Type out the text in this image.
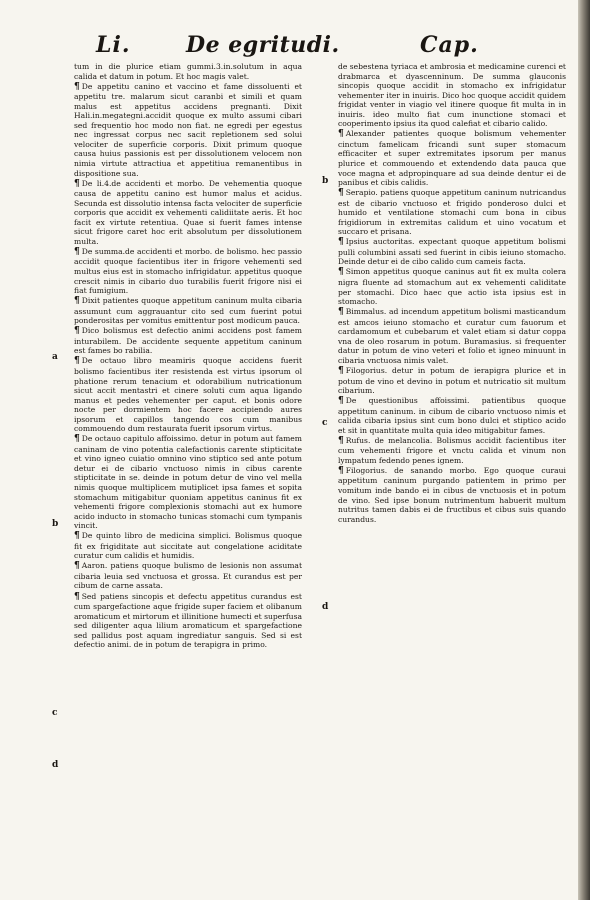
Li.	De egritudi.	Cap.
a
b
c
d
b
c
d

tum in die plurice etiam gummi.3.in.solutum in aqua calida et datum in potum. Et hoc magis valet.

¶ De appetitu canino et vaccino et fame dissoluenti et appetitu tre. malarum sicut caranbi et simili et quam malus est appetitus accidens pregnanti. Dixit Hali.in.megategni.accidit quoque ex multo assumi cibari sed frequentio hoc modo non fiat. ne egredi per egestus nec ingressat corpus nec sacit repletionem sed solui velociter de superficie corporis. Dixit primum quoque causa huius passionis est per dissolutionem velocem non nimia virtute attractiua et appetitiua remanentibus in dispositione sua.

¶ De li.4.de accidenti et morbo. De vehementia quoque causa de appetitu canino est humor malus et acidus. Secunda est dissolutio intensa facta velociter de superficie corporis que accidit ex vehementi calidiitate aeris. Et hoc facit ex virtute retentiua. Quae si fuerit fames intense sicut frigore caret hoc erit absolutum per dissolutionem multa.

¶ De summa.de accidenti et morbo. de bolismo. hec passio accidit quoque facientibus iter in frigore vehementi sed multus eius est in stomacho infrigidatur. appetitus quoque crescit nimis in cibario duo turabilis fuerit frigore nisi ei fiat fumigium.

¶ Dixit patientes quoque appetitum caninum multa cibaria assumunt cum aggrauantur cito sed cum fuerint potui ponderositas per vomitus emittentur post modicum pauca.

¶ Dico bolismus est defectio animi accidens post famem inturabilem. De accidente sequente appetitum caninum est fames bo rabilia.

¶ De octauo libro meamiris quoque accidens fuerit bolismo facientibus iter resistenda est virtus ipsorum ol phatione rerum tenacium et odorabilium nutricationum sicut accit mentastri et cinere soluti cum aqua ligando manus et pedes vehementer per caput. et bonis odore nocte per dormientem hoc facere accipiendo aures ipsorum et capillos tangendo cos cum manibus commouendo dum restaurata fuerit ipsorum virtus.

¶ De octauo capitulo affoissimo. detur in potum aut famem caninam de vino potentia calefactionis carente stipticitate et vino igneo cuiatio omnino vino stiptico sed ante potum detur ei de cibario vnctuoso nimis in cibus carente stipticitate in se. deinde in potum detur de vino vel mella nimis quoque multiplicem mutiplicet ipsa fames et sopita stomachum mitigabitur quoniam appetitus caninus fit ex vehementi frigore complexionis stomachi aut ex humore acido inducto in stomacho tunicas stomachi cum tympanis vincit.

¶ De quinto libro de medicina simplici. Bolismus quoque fit ex frigiditate aut siccitate aut congelatione aciditate curatur cum calidis et humidis.

¶ Aaron. patiens quoque bulismo de lesionis non assumat cibaria leuia sed vnctuosa et grossa. Et curandus est per cibum de carne assata.

¶ Sed patiens sincopis et defectu appetitus curandus est cum spargefactione aque frigide super faciem et olibanum aromaticum et mirtorum et illinitione humecti et superfusa sed diligenter aqua lilium aromaticum et spargefactione sed pallidus post aquam ingrediatur sanguis. Sed si est defectio animi. de in potum de terapigra in primo.

de sebestena tyriaca et ambrosia et medicamine curenci et drabmarca et dyascenninum. De summa glauconis sincopis quoque accidit in stomacho ex infrigidatur vehementer iter in inuiris. Dico hoc quoque accidit quidem frigidat venter in viagio vel itinere quoque fit multa in in inuiris. ideo multo fiat cum inunctione stomaci et cooperimento ipsius ita quod calefiat et cibario calido.

¶ Alexander patientes quoque bolismum vehementer cinctum famelicam fricandi sunt super stomacum efficaciter et super extremitates ipsorum per manus plurice et commouendo et extendendo data pauca que voce magna et adpropinquare ad sua deinde dentur ei de panibus et cibis calidis.

¶ Serapio. patiens quoque appetitum caninum nutricandus est de cibario vnctuoso et frigido ponderoso dulci et humido et ventilatione stomachi cum bona in cibus frigidiorum in extremitas calidum et uino vocatum et succaro et prisana.

¶ Ipsius auctoritas. expectant quoque appetitum bolismi pulli columbini assati sed fuerint in cibis ieiuno stomacho. Deinde detur ei de cibo calido cum cameis facta.

¶ Simon appetitus quoque caninus aut fit ex multa colera nigra fluente ad stomachum aut ex vehementi caliditate per stomachi. Dico haec que actio ista ipsius est in stomacho.

¶ Bimmalus. ad incendum appetitum bolismi masticandum est amcos ieiuno stomacho et curatur cum fauorum et cardamomum et cubebarum et valet etiam si datur coppa vna de oleo rosarum in potum. Buramasius. si frequenter datur in potum de vino veteri et folio et igneo minuunt in cibaria vnctuosa nimis valet.

¶ Filogorius. detur in potum de ierapigra plurice et in potum de vino et devino in potum et nutricatio sit multum cibarium.

¶ De questionibus affoissimi. patientibus quoque appetitum caninum. in cibum de cibario vnctuoso nimis et calida cibaria ipsius sint cum bono dulci et stiptico acido et sit in quantitate multa quia ideo mitigabitur fames.

¶ Rufus. de melancolia. Bolismus accidit facientibus iter cum vehementi frigore et vnctu calida et vinum non lympatum fedendo penes ignem.

¶ Filogorius. de sanando morbo. Ego quoque curaui appetitum caninum purgando patientem in primo per vomitum inde bando ei in cibus de vnctuosis et in potum de vino. Sed ipse bonum nutrimentum habuerit multum nutritus tamen dabis ei de fructibus et cibus suis quando curandus.
